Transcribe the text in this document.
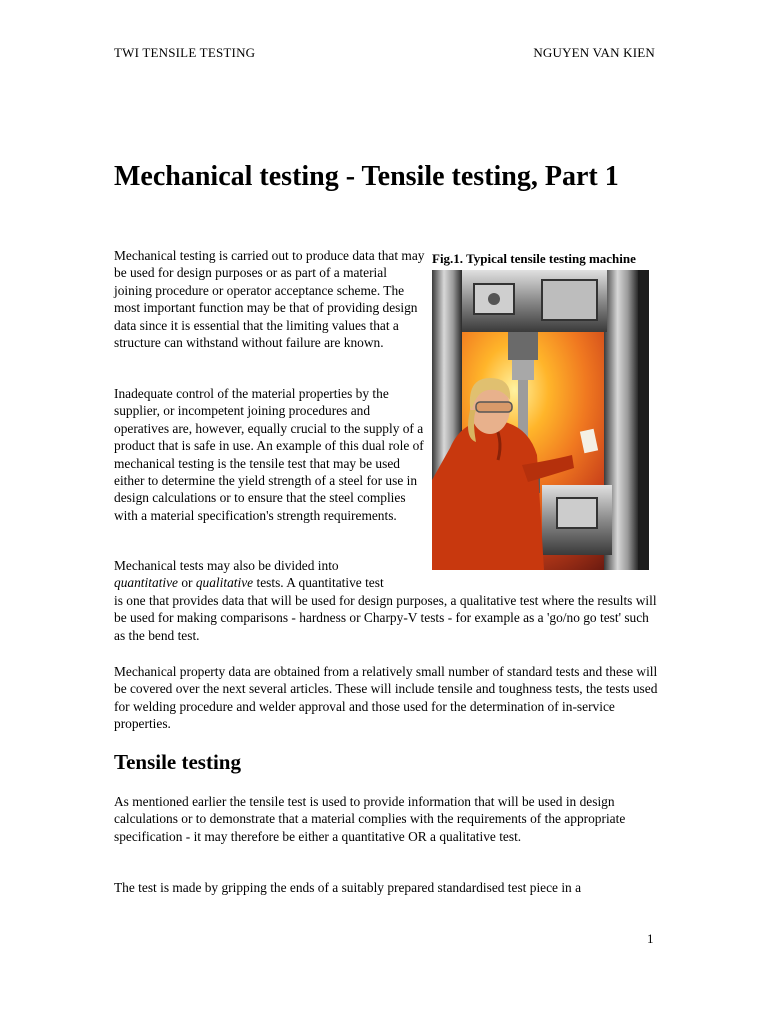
TWI TENSILE TESTING	NGUYEN VAN KIEN
Mechanical testing - Tensile testing, Part 1

Mechanical testing is carried out to produce data that may be used for design purposes or as part of a material joining procedure or operator acceptance scheme. The most important function may be that of providing design data since it is essential that the limiting values that a structure can withstand without failure are known.

Inadequate control of the material properties by the supplier, or incompetent joining procedures and operatives are, however, equally crucial to the supply of a product that is safe in use. An example of this dual role of mechanical testing is the tensile test that may be used either to determine the yield strength of a steel for use in design calculations or to ensure that the steel complies with a material specification's strength requirements.

Fig.1. Typical tensile testing machine

Mechanical tests may also be divided into
quantitative or qualitative tests. A quantitative test
is one that provides data that will be used for design purposes, a qualitative test where the results will be used for making comparisons - hardness or Charpy-V tests - for example as a 'go/no go test' such as the bend test.

Mechanical property data are obtained from a relatively small number of standard tests and these will be covered over the next several articles. These will include tensile and toughness tests, the tests used for welding procedure and welder approval and those used for the determination of in-service properties.

Tensile testing

As mentioned earlier the tensile test is used to provide information that will be used in design calculations or to demonstrate that a material complies with the requirements of the appropriate specification - it may therefore be either a quantitative OR a qualitative test.

The test is made by gripping the ends of a suitably prepared standardised test piece in a

1
